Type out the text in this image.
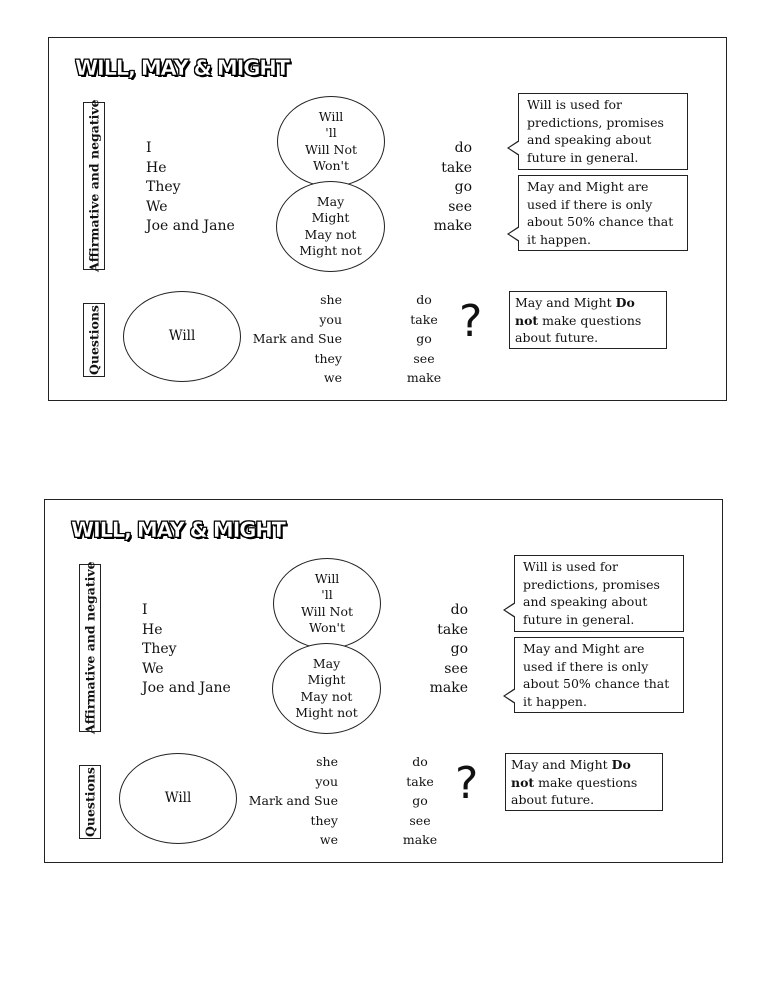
WILL, MAY & MIGHT
Affirmative and negative	I
He
They
We
Joe and Jane
Will
'll
Will Not
Won't
May
Might
May not
Might not
do
take
go
see
make
Will is used for predictions, promises and speaking about future in general.
May and Might are used if there is only about 50% chance that it happen.
Questions	Will
she
you
Mark and Sue
they
we
do
take
go
see
make
?	May and Might Do not make questions about future.
WILL, MAY & MIGHT
Affirmative and negative	I
He
They
We
Joe and Jane
Will
'll
Will Not
Won't
May
Might
May not
Might not
do
take
go
see
make
Will is used for predictions, promises and speaking about future in general.
May and Might are used if there is only about 50% chance that it happen.
Questions	Will
she
you
Mark and Sue
they
we
do
take
go
see
make
?	May and Might Do not make questions about future.
